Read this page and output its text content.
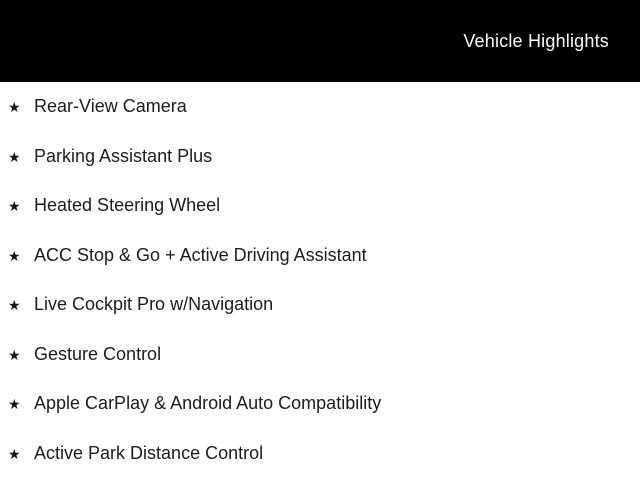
Vehicle Highlights
★ Rear-View Camera
★ Parking Assistant Plus
★ Heated Steering Wheel
★ ACC Stop & Go + Active Driving Assistant
★ Live Cockpit Pro w/Navigation
★ Gesture Control
★ Apple CarPlay & Android Auto Compatibility
★ Active Park Distance Control
